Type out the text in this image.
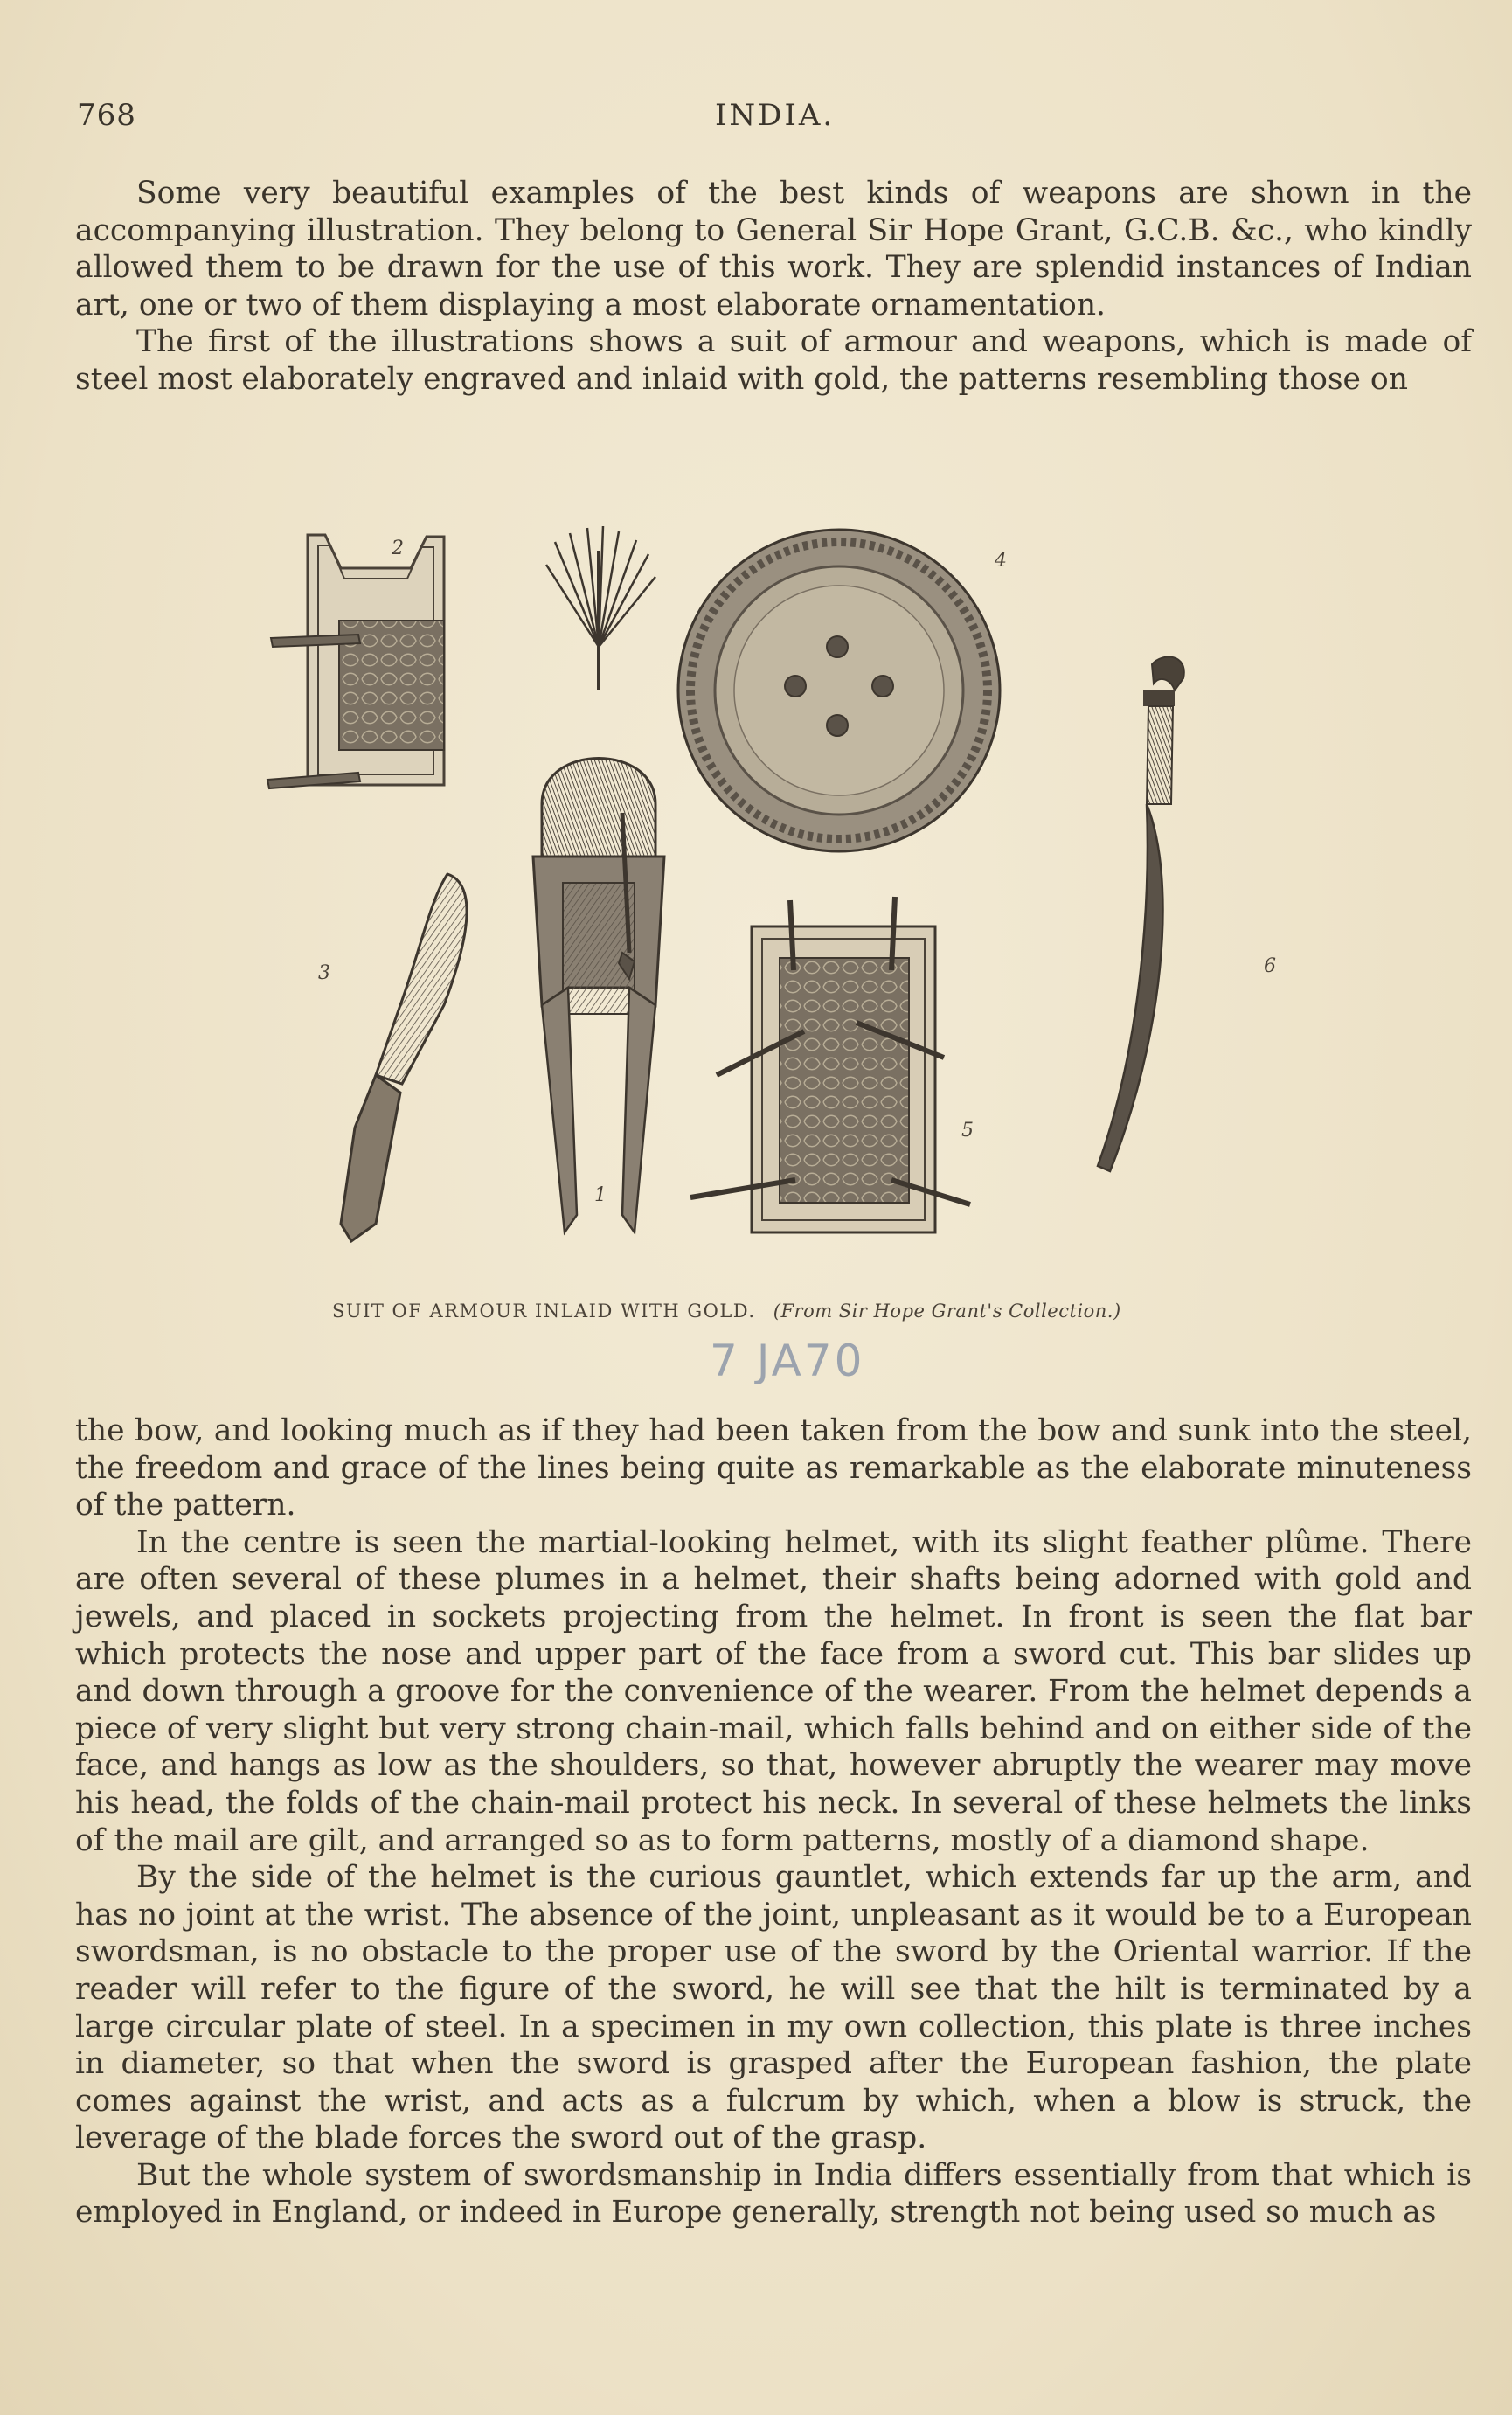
768	INDIA.

Some very beautiful examples of the best kinds of weapons are shown in the accompanying illustration. They belong to General Sir Hope Grant, G.C.B. &c., who kindly allowed them to be drawn for the use of this work. They are splendid instances of Indian art, one or two of them displaying a most elaborate ornamentation.

The first of the illustrations shows a suit of armour and weapons, which is made of steel most elaborately engraved and inlaid with gold, the patterns resembling those on

2
3
1
4
5
6
SUIT OF ARMOUR INLAID WITH GOLD. (From Sir Hope Grant's Collection.)
7 JA70

the bow, and looking much as if they had been taken from the bow and sunk into the steel, the freedom and grace of the lines being quite as remarkable as the elaborate minuteness of the pattern.

In the centre is seen the martial-looking helmet, with its slight feather plûme. There are often several of these plumes in a helmet, their shafts being adorned with gold and jewels, and placed in sockets projecting from the helmet. In front is seen the flat bar which protects the nose and upper part of the face from a sword cut. This bar slides up and down through a groove for the convenience of the wearer. From the helmet depends a piece of very slight but very strong chain-mail, which falls behind and on either side of the face, and hangs as low as the shoulders, so that, however abruptly the wearer may move his head, the folds of the chain-mail protect his neck. In several of these helmets the links of the mail are gilt, and arranged so as to form patterns, mostly of a diamond shape.

By the side of the helmet is the curious gauntlet, which extends far up the arm, and has no joint at the wrist. The absence of the joint, unpleasant as it would be to a European swordsman, is no obstacle to the proper use of the sword by the Oriental warrior. If the reader will refer to the figure of the sword, he will see that the hilt is terminated by a large circular plate of steel. In a specimen in my own collection, this plate is three inches in diameter, so that when the sword is grasped after the European fashion, the plate comes against the wrist, and acts as a fulcrum by which, when a blow is struck, the leverage of the blade forces the sword out of the grasp.

But the whole system of swordsmanship in India differs essentially from that which is employed in England, or indeed in Europe generally, strength not being used so much as
